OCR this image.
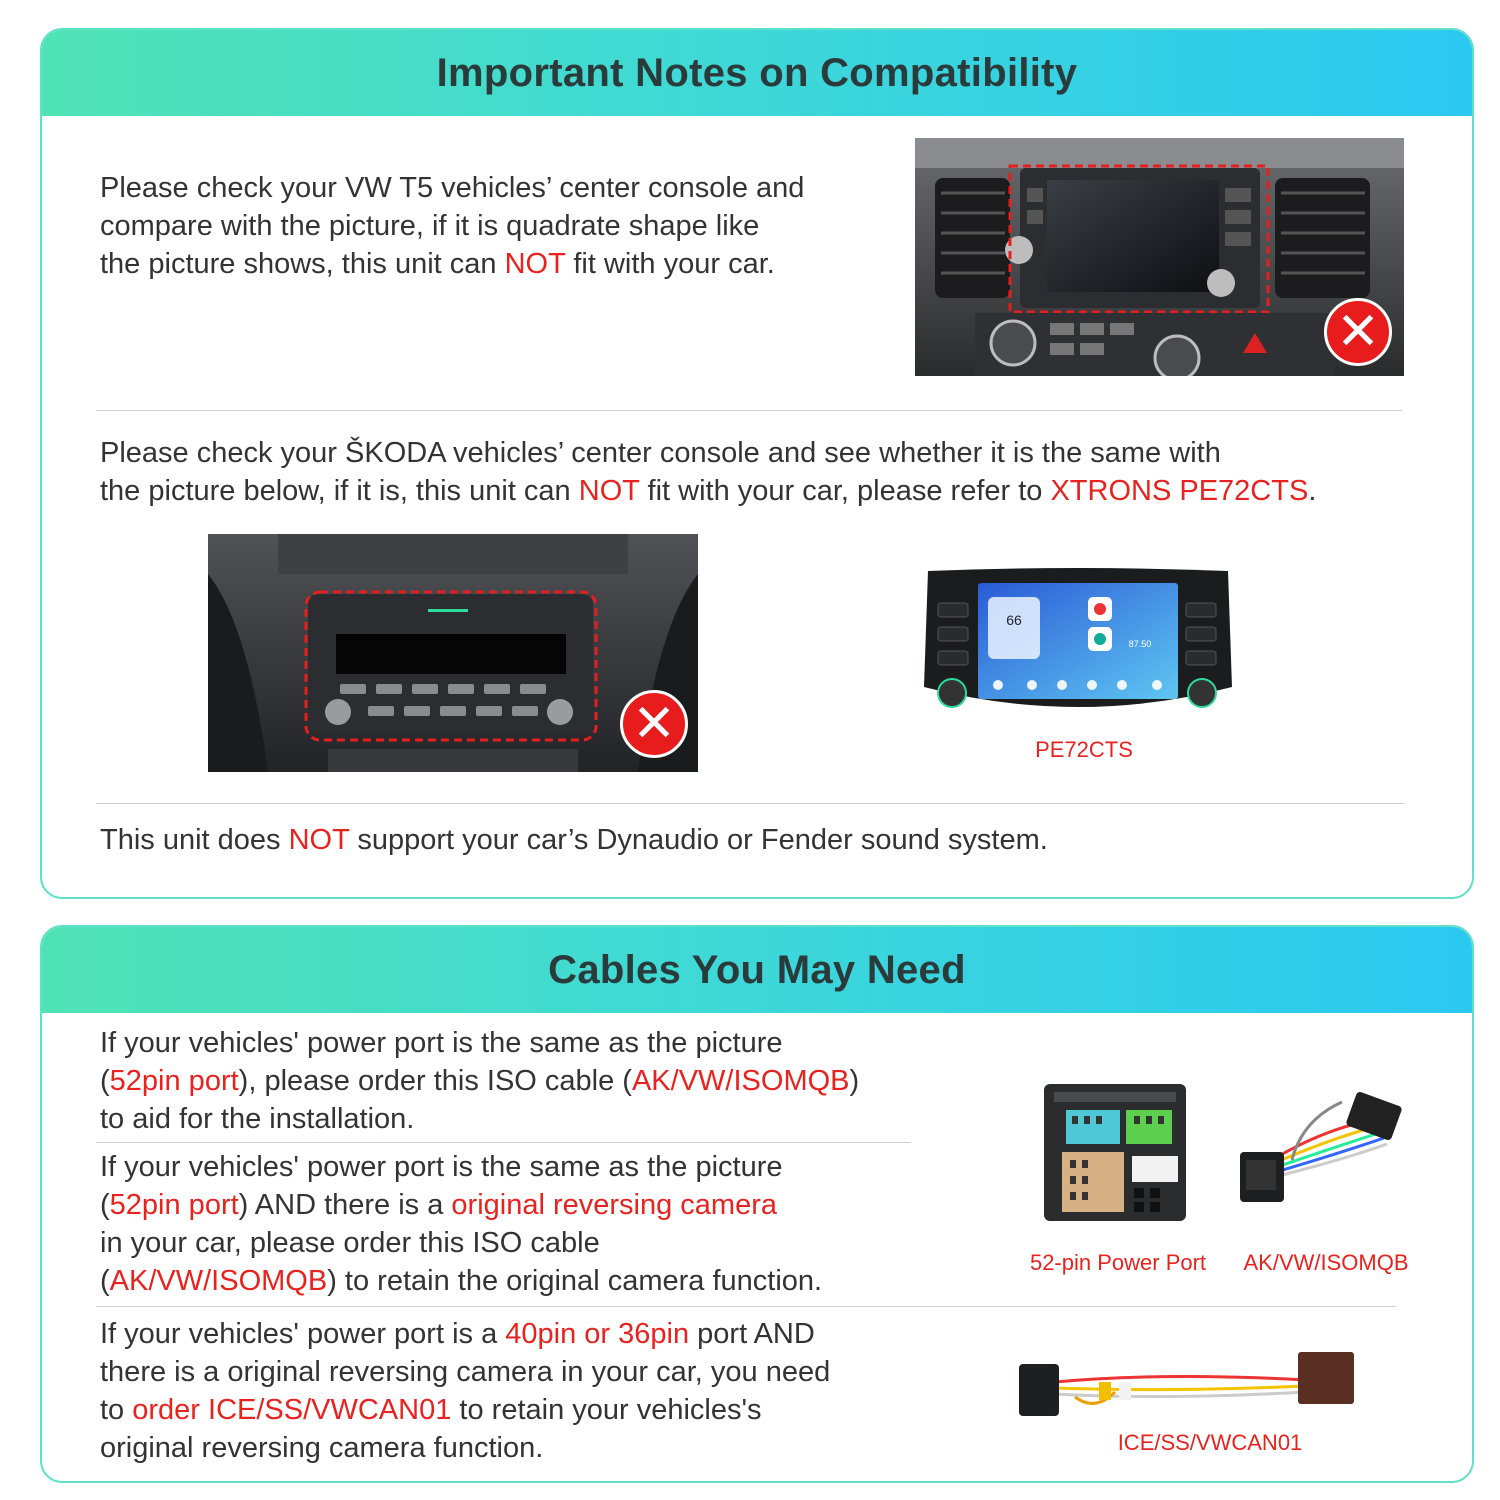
Important Notes on Compatibility
Please check your VW T5 vehicles’ center console and
compare with the picture, if it is quadrate shape like
the picture shows, this unit can NOT fit with your car.
✕
Please check your ŠKODA vehicles’ center console and see whether it is the same with
the picture below, if it is, this unit can NOT fit with your car, please refer to XTRONS PE72CTS.
✕
66
87.50
PE72CTS
This unit does NOT support your car’s Dynaudio or Fender sound system.
Cables You May Need
If your vehicles' power port is the same as the picture
(52pin port), please order this ISO cable (AK/VW/ISOMQB)
to aid for the installation.
If your vehicles' power port is the same as the picture
(52pin port) AND there is a original reversing camera
in your car, please order this ISO cable
(AK/VW/ISOMQB) to retain the original camera function.
52-pin Power Port	AK/VW/ISOMQB
If your vehicles' power port is a 40pin or 36pin port AND
there is a original reversing camera in your car, you need
to order ICE/SS/VWCAN01 to retain your vehicles's
original reversing camera function.	ICE/SS/VWCAN01
